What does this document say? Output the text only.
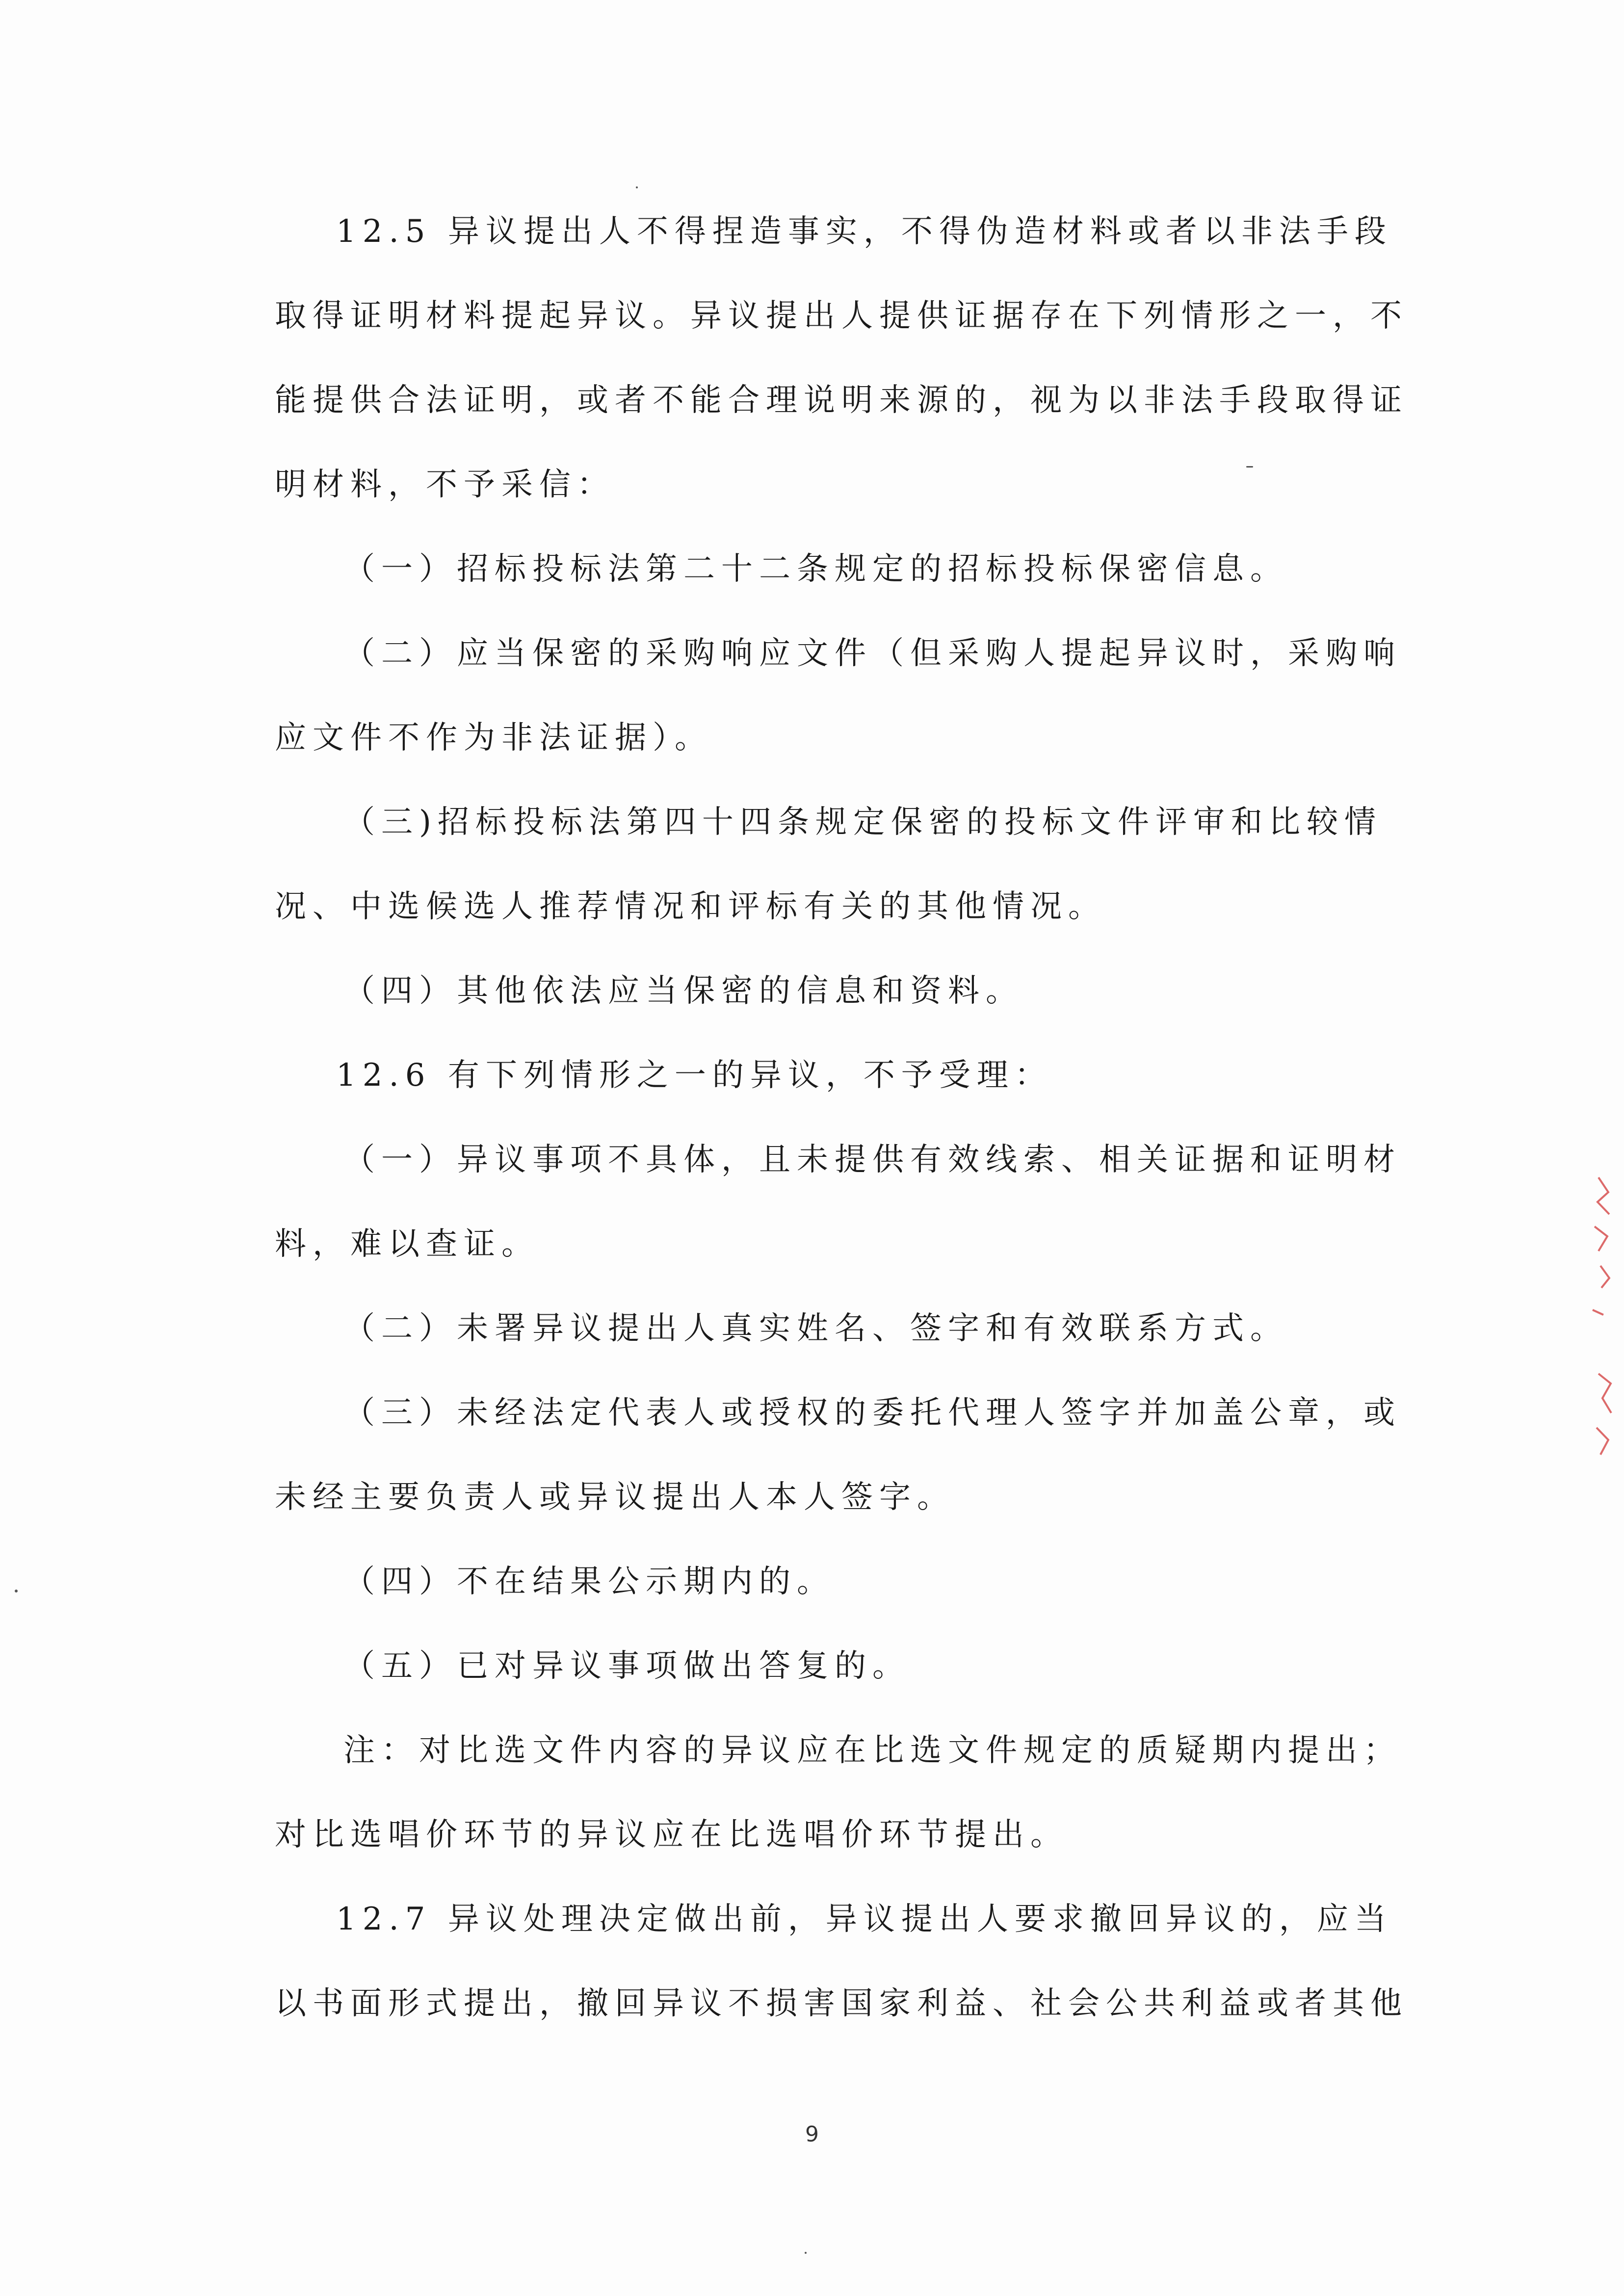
12.5 异议提出人不得捏造事实，不得伪造材料或者以非法手段
取得证明材料提起异议。异议提出人提供证据存在下列情形之一，不
能提供合法证明，或者不能合理说明来源的，视为以非法手段取得证
明材料，不予采信：
（一）招标投标法第二十二条规定的招标投标保密信息。
（二）应当保密的采购响应文件（但采购人提起异议时，采购响
应文件不作为非法证据）。
（三)招标投标法第四十四条规定保密的投标文件评审和比较情
况、中选候选人推荐情况和评标有关的其他情况。
（四）其他依法应当保密的信息和资料。
12.6 有下列情形之一的异议，不予受理：
（一）异议事项不具体，且未提供有效线索、相关证据和证明材
料，难以查证。
（二）未署异议提出人真实姓名、签字和有效联系方式。
（三）未经法定代表人或授权的委托代理人签字并加盖公章，或
未经主要负责人或异议提出人本人签字。
（四）不在结果公示期内的。
（五）已对异议事项做出答复的。
注：对比选文件内容的异议应在比选文件规定的质疑期内提出；
对比选唱价环节的异议应在比选唱价环节提出。
12.7 异议处理决定做出前，异议提出人要求撤回异议的，应当
以书面形式提出，撤回异议不损害国家利益、社会公共利益或者其他
9
